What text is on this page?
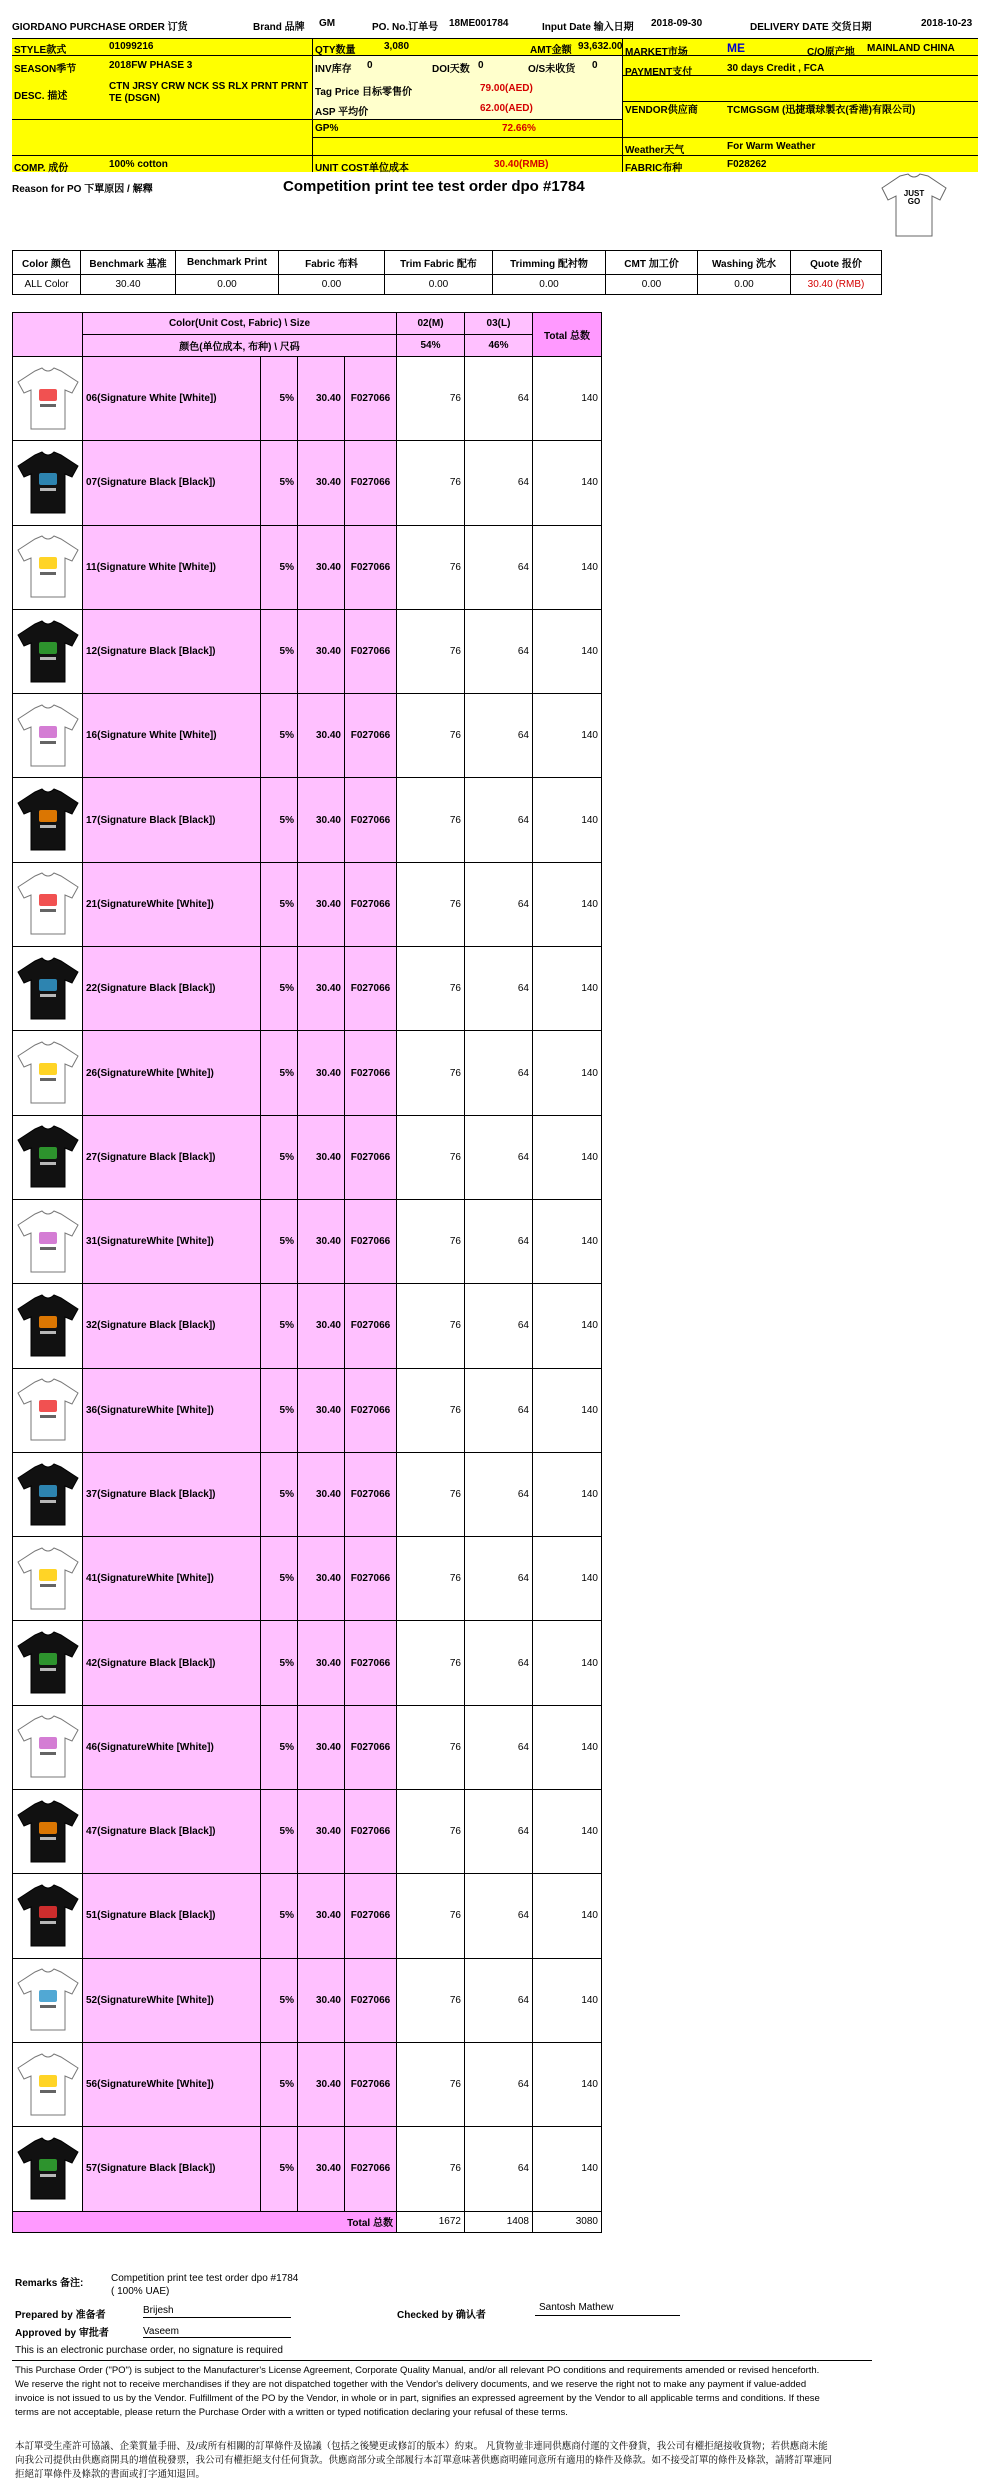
GIORDANO PURCHASE ORDER 订货	Brand 品牌 GM	PO. No.订单号 18ME001784	Input Date 输入日期 2018-09-30	DELIVERY DATE 交货日期	2018-10-23
STYLE款式	01099216
SEASON季节	2018FW PHASE 3
DESC. 描述
CTN JRSY CRW NCK SS RLX PRNT PRNT TE (DSGN)
COMP. 成份	100% cotton
QTY数量	3,080	AMT金额 93,632.00
INV库存 0	DOI天数 0	O/S未收货 0
Tag Price 目标零售价	79.00(AED)
ASP 平均价	62.00(AED)
GP%	72.66%
UNIT COST单位成本	30.40(RMB)
MARKET市场	ME	C/O原产地 MAINLAND CHINA
PAYMENT支付	30 days Credit , FCA
VENDOR供应商	TCMGSGM (迅捷環球製衣(香港)有限公司)
Weather天气	For Warm Weather
FABRIC布种	F028262
Reason for PO 下單原因 / 解釋	Competition print tee test order dpo #1784	JUST
GO
Color 颜色	Benchmark 基准	Benchmark Print	Fabric 布料	Trim Fabric 配布	Trimming 配衬物	CMT 加工价	Washing 洗水	Quote 报价
ALL Color	30.40	0.00	0.00	0.00	0.00	0.00	0.00	30.40 (RMB)
	Color(Unit Cost, Fabric) \ Size				02(M)	03(L)	Total 总数
	颜色(单位成本, 布种) \ 尺码				54%	46%	

	06(Signature White [White])	5%	30.40	F027066	76	64	140

	07(Signature Black [Black])	5%	30.40	F027066	76	64	140

	11(Signature White [White])	5%	30.40	F027066	76	64	140

	12(Signature Black [Black])	5%	30.40	F027066	76	64	140

	16(Signature White [White])	5%	30.40	F027066	76	64	140

	17(Signature Black [Black])	5%	30.40	F027066	76	64	140

	21(SignatureWhite [White])	5%	30.40	F027066	76	64	140

	22(Signature Black [Black])	5%	30.40	F027066	76	64	140

	26(SignatureWhite [White])	5%	30.40	F027066	76	64	140

	27(Signature Black [Black])	5%	30.40	F027066	76	64	140

	31(SignatureWhite [White])	5%	30.40	F027066	76	64	140

	32(Signature Black [Black])	5%	30.40	F027066	76	64	140

	36(SignatureWhite [White])	5%	30.40	F027066	76	64	140

	37(Signature Black [Black])	5%	30.40	F027066	76	64	140

	41(SignatureWhite [White])	5%	30.40	F027066	76	64	140

	42(Signature Black [Black])	5%	30.40	F027066	76	64	140

	46(SignatureWhite [White])	5%	30.40	F027066	76	64	140

	47(Signature Black [Black])	5%	30.40	F027066	76	64	140

	51(Signature Black [Black])	5%	30.40	F027066	76	64	140

	52(SignatureWhite [White])	5%	30.40	F027066	76	64	140

	56(SignatureWhite [White])	5%	30.40	F027066	76	64	140

	57(Signature Black [Black])	5%	30.40	F027066	76	64	140
Total 总数					1672	1408	3080
Remarks 备注:	Competition print tee test order dpo #1784
( 100% UAE)
Prepared by 准备者	Brijesh	Checked by 确认者
Santosh Mathew
Approved by 审批者	Vaseem
This is an electronic purchase order, no signature is required
This Purchase Order ("PO") is subject to the Manufacturer's License Agreement, Corporate Quality Manual, and/or all relevant PO conditions and requirements amended or revised henceforth. We reserve the right not to receive merchandises if they are not dispatched together with the Vendor's delivery documents, and we reserve the right not to make any payment if value-added invoice is not issued to us by the Vendor. Fulfillment of the PO by the Vendor, in whole or in part, signifies an expressed agreement by the Vendor to all applicable terms and conditions. If these terms are not acceptable, please return the Purchase Order with a written or typed notification declaring your refusal of these terms.
本訂單受生產許可協議、企業質量手冊、及/或所有相關的訂單條件及協議（包括之後變更或修訂的版本）約束。 凡貨物並非連同供應商付運的文件發貨，我公司有權拒絕接收貨物；若供應商未能向我公司提供由供應商開具的增值稅發票，我公司有權拒絕支付任何貨款。供應商部分或全部履行本訂單意味著供應商明確同意所有適用的條件及條款。如不接受訂單的條件及條款，請將訂單連同拒絕訂單條件及條款的書面或打字通知退回。
